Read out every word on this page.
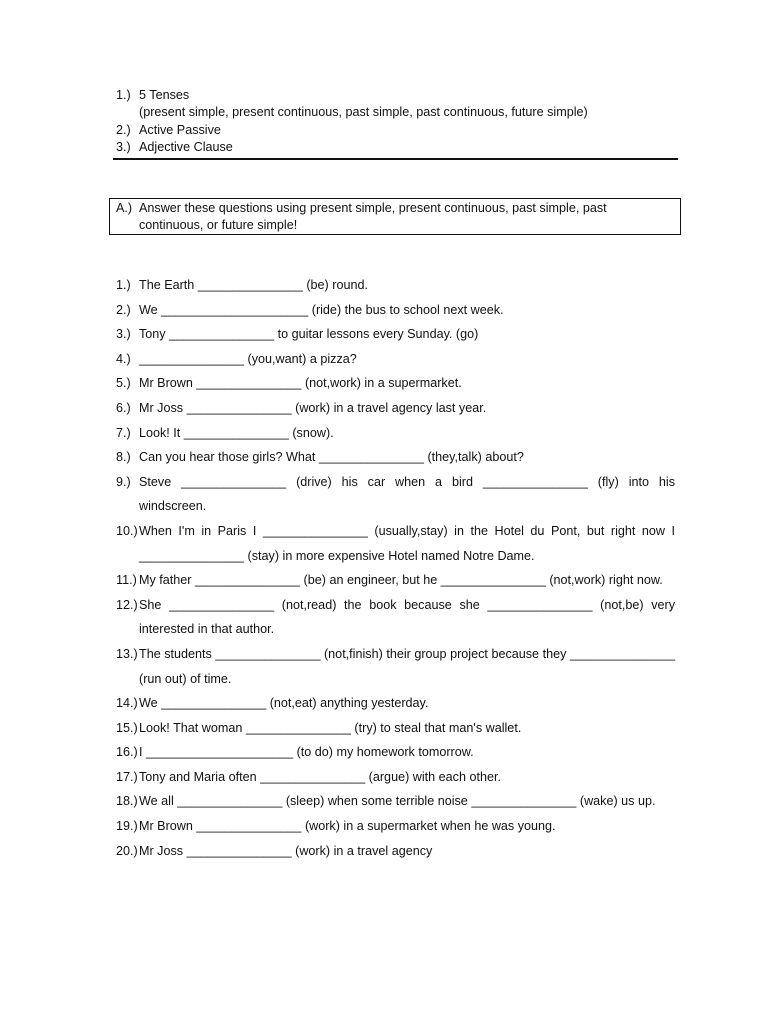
1.) 5 Tenses
(present simple, present continuous, past simple, past continuous, future simple)
2.) Active Passive
3.) Adjective Clause
A.) Answer these questions using present simple, present continuous, past simple, past continuous, or future simple!
1.) The Earth _______________ (be) round.
2.) We _____________________ (ride) the bus to school next week.
3.) Tony _______________ to guitar lessons every Sunday. (go)
4.) _______________ (you,want) a pizza?
5.) Mr Brown _______________ (not,work) in a supermarket.
6.) Mr Joss _______________ (work) in a travel agency last year.
7.) Look! It _______________ (snow).
8.) Can you hear those girls? What _______________ (they,talk) about?
9.) Steve _______________ (drive) his car when a bird _______________ (fly) into his windscreen.
10.) When I'm in Paris I _______________ (usually,stay) in the Hotel du Pont, but right now I _______________ (stay) in more expensive Hotel named Notre Dame.
11.) My father _______________ (be) an engineer, but he _______________ (not,work) right now.
12.) She _______________ (not,read) the book because she _______________ (not,be) very interested in that author.
13.) The students _______________ (not,finish) their group project because they _______________ (run out) of time.
14.) We _______________ (not,eat) anything yesterday.
15.) Look! That woman _______________ (try) to steal that man's wallet.
16.) I _____________________ (to do) my homework tomorrow.
17.) Tony and Maria often _______________ (argue) with each other.
18.) We all _______________ (sleep) when some terrible noise _______________ (wake) us up.
19.) Mr Brown _______________ (work) in a supermarket when he was young.
20.) Mr Joss _______________ (work) in a travel agency
